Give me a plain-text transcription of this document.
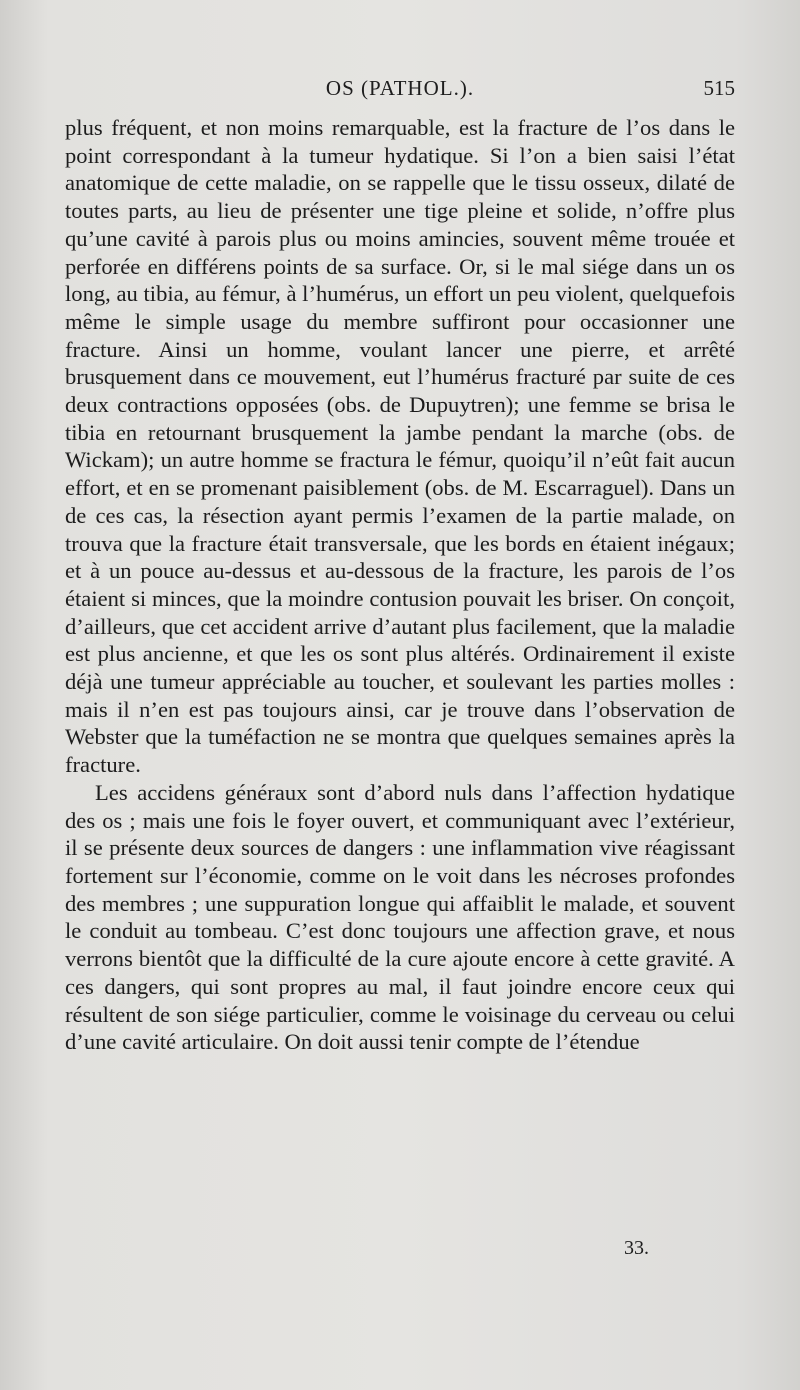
OS (PATHOL.).	515

plus fréquent, et non moins remarquable, est la fracture de l’os dans le point correspondant à la tumeur hydatique. Si l’on a bien saisi l’état anatomique de cette maladie, on se rappelle que le tissu osseux, dilaté de toutes parts, au lieu de présenter une tige pleine et solide, n’offre plus qu’une cavité à parois plus ou moins amincies, souvent même trouée et perforée en différens points de sa surface. Or, si le mal siége dans un os long, au tibia, au fémur, à l’humérus, un effort un peu violent, quelquefois même le simple usage du membre suffiront pour occasionner une fracture. Ainsi un homme, voulant lancer une pierre, et arrêté brusquement dans ce mouvement, eut l’humérus fracturé par suite de ces deux contractions opposées (obs. de Dupuytren); une femme se brisa le tibia en retournant brusquement la jambe pendant la marche (obs. de Wickam); un autre homme se fractura le fémur, quoiqu’il n’eût fait aucun effort, et en se promenant paisiblement (obs. de M. Escarraguel). Dans un de ces cas, la résection ayant permis l’examen de la partie malade, on trouva que la fracture était transversale, que les bords en étaient inégaux; et à un pouce au-dessus et au-dessous de la fracture, les parois de l’os étaient si minces, que la moindre contusion pouvait les briser. On conçoit, d’ailleurs, que cet accident arrive d’autant plus facilement, que la maladie est plus ancienne, et que les os sont plus altérés. Ordinairement il existe déjà une tumeur appréciable au toucher, et soulevant les parties molles : mais il n’en est pas toujours ainsi, car je trouve dans l’observation de Webster que la tuméfaction ne se montra que quelques semaines après la fracture.

Les accidens généraux sont d’abord nuls dans l’affection hydatique des os ; mais une fois le foyer ouvert, et communiquant avec l’extérieur, il se présente deux sources de dangers : une inflammation vive réagissant fortement sur l’économie, comme on le voit dans les nécroses profondes des membres ; une suppuration longue qui affaiblit le malade, et souvent le conduit au tombeau. C’est donc toujours une affection grave, et nous verrons bientôt que la difficulté de la cure ajoute encore à cette gravité. A ces dangers, qui sont propres au mal, il faut joindre encore ceux qui résultent de son siége particulier, comme le voisinage du cerveau ou celui d’une cavité articulaire. On doit aussi tenir compte de l’étendue

33.
